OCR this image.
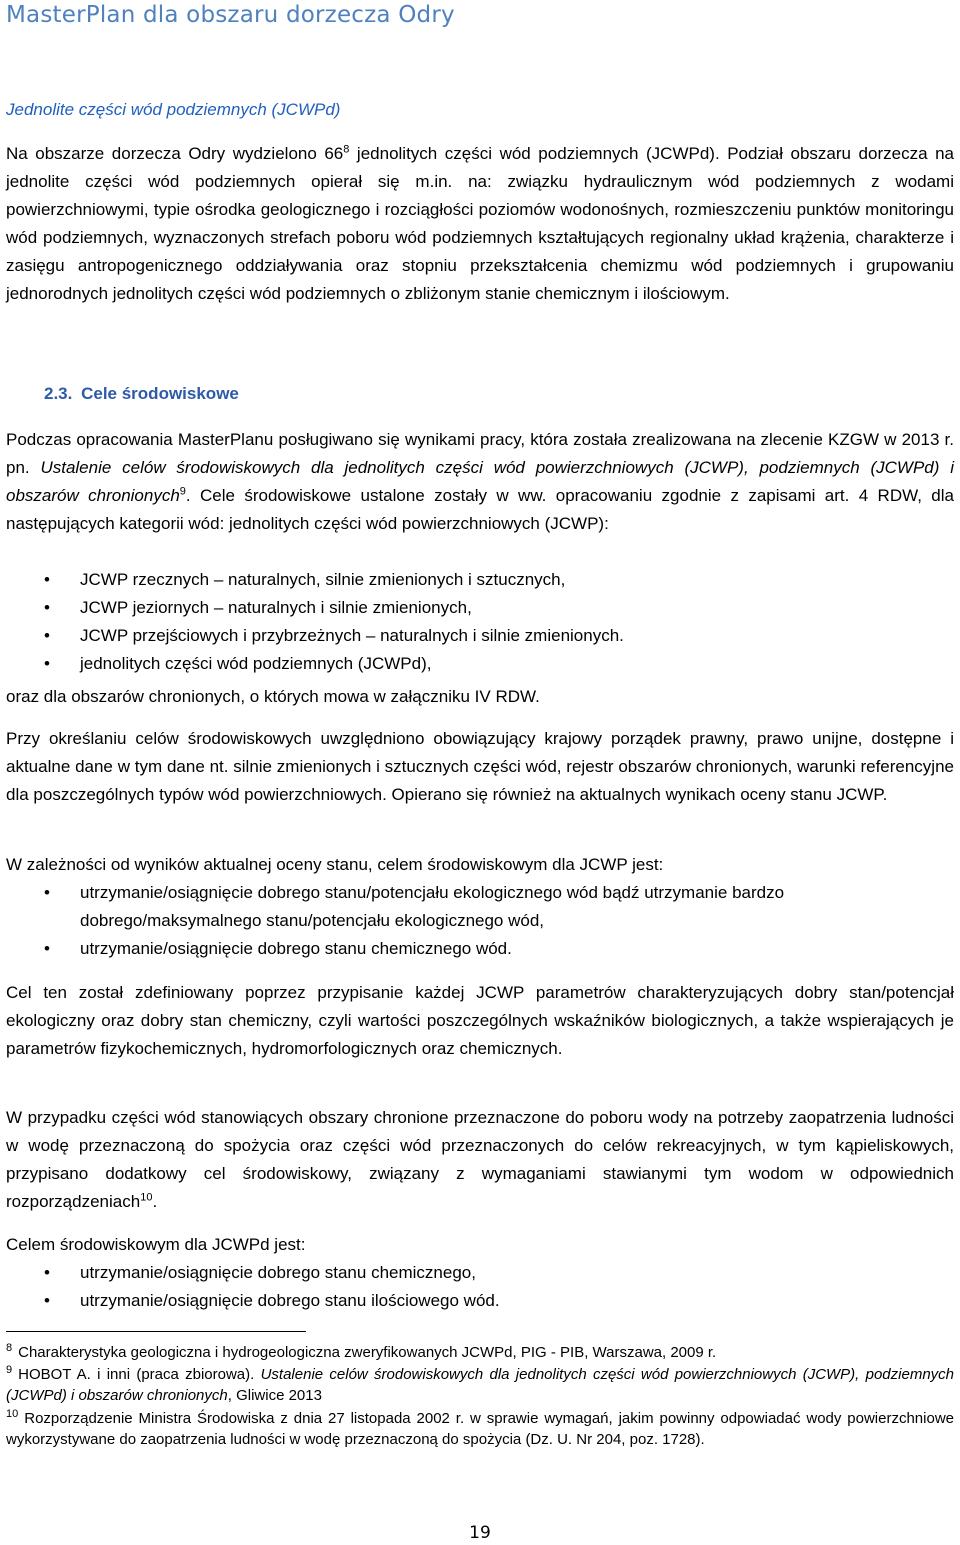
MasterPlan dla obszaru dorzecza Odry
Jednolite części wód podziemnych (JCWPd)
Na obszarze dorzecza Odry wydzielono $66^8$ jednolitych części wód podziemnych (JCWPd). Podział obszaru dorzecza na jednolite części wód podziemnych opierał się m.in. na: związku hydraulicznym wód podziemnych z wodami powierzchniowymi, typie ośrodka geologicznego i rozciągłości poziomów wodonośnych, rozmieszczeniu punktów monitoringu wód podziemnych, wyznaczonych strefach poboru wód podziemnych kształtujących regionalny układ krążenia, charakterze i zasięgu antropogenicznego oddziaływania oraz stopniu przekształcenia chemizmu wód podziemnych i grupowaniu jednorodnych jednolitych części wód podziemnych o zbliżonym stanie chemicznym i ilościowym.
2.3. Cele środowiskowe
Podczas opracowania MasterPlanu posługiwano się wynikami pracy, która została zrealizowana na zlecenie KZGW w 2013 r. pn. Ustalenie celów środowiskowych dla jednolitych części wód powierzchniowych (JCWP), podziemnych (JCWPd) i obszarów chronionych$^9$. Cele środowiskowe ustalone zostały w ww. opracowaniu zgodnie z zapisami art. 4 RDW, dla następujących kategorii wód: jednolitych części wód powierzchniowych (JCWP):
• JCWP rzecznych – naturalnych, silnie zmienionych i sztucznych,
• JCWP jeziornych – naturalnych i silnie zmienionych,
• JCWP przejściowych i przybrzeżnych – naturalnych i silnie zmienionych.
• jednolitych części wód podziemnych (JCWPd),
oraz dla obszarów chronionych, o których mowa w załączniku IV RDW.
Przy określaniu celów środowiskowych uwzględniono obowiązujący krajowy porządek prawny, prawo unijne, dostępne i aktualne dane w tym dane nt. silnie zmienionych i sztucznych części wód, rejestr obszarów chronionych, warunki referencyjne dla poszczególnych typów wód powierzchniowych. Opierano się również na aktualnych wynikach oceny stanu JCWP.
W zależności od wyników aktualnej oceny stanu, celem środowiskowym dla JCWP jest:
• utrzymanie/osiągnięcie dobrego stanu/potencjału ekologicznego wód bądź utrzymanie bardzo dobrego/maksymalnego stanu/potencjału ekologicznego wód,
• utrzymanie/osiągnięcie dobrego stanu chemicznego wód.
Cel ten został zdefiniowany poprzez przypisanie każdej JCWP parametrów charakteryzujących dobry stan/potencjał ekologiczny oraz dobry stan chemiczny, czyli wartości poszczególnych wskaźników biologicznych, a także wspierających je parametrów fizykochemicznych, hydromorfologicznych oraz chemicznych.
W przypadku części wód stanowiących obszary chronione przeznaczone do poboru wody na potrzeby zaopatrzenia ludności w wodę przeznaczoną do spożycia oraz części wód przeznaczonych do celów rekreacyjnych, w tym kąpieliskowych, przypisano dodatkowy cel środowiskowy, związany z wymaganiami stawianymi tym wodom w odpowiednich rozporządzeniach$^{10}$.
Celem środowiskowym dla JCWPd jest:
• utrzymanie/osiągnięcie dobrego stanu chemicznego,
• utrzymanie/osiągnięcie dobrego stanu ilościowego wód.
$^8$ Charakterystyka geologiczna i hydrogeologiczna zweryfikowanych JCWPd, PIG - PIB, Warszawa, 2009 r.
$^9$ HOBOT A. i inni (praca zbiorowa). Ustalenie celów środowiskowych dla jednolitych części wód powierzchniowych (JCWP), podziemnych (JCWPd) i obszarów chronionych, Gliwice 2013
$^{10}$ Rozporządzenie Ministra Środowiska z dnia 27 listopada 2002 r. w sprawie wymagań, jakim powinny odpowiadać wody powierzchniowe wykorzystywane do zaopatrzenia ludności w wodę przeznaczoną do spożycia (Dz. U. Nr 204, poz. 1728).
19
